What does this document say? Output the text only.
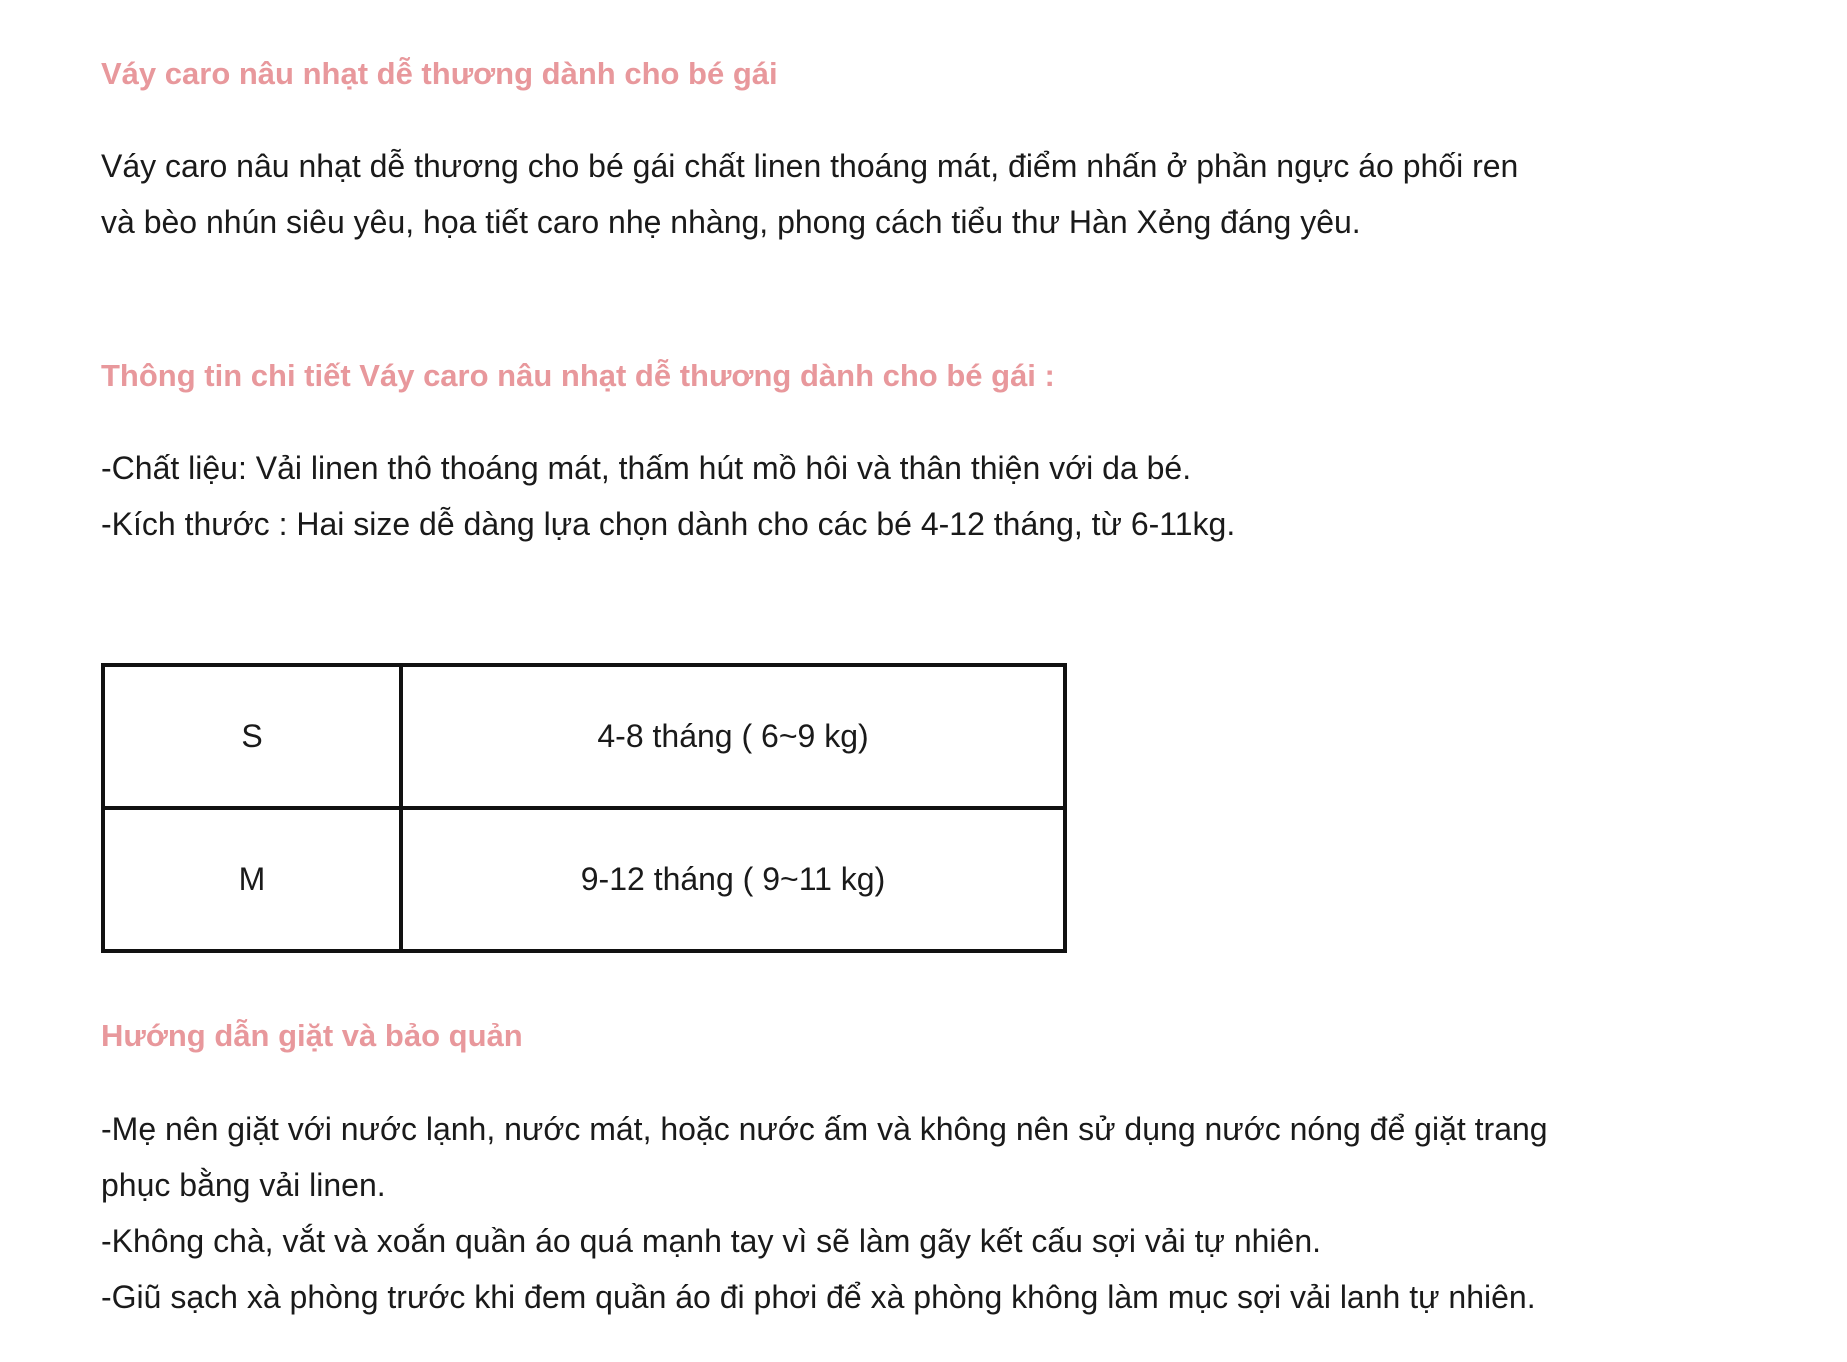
Váy caro nâu nhạt dễ thương dành cho bé gái

Váy caro nâu nhạt dễ thương cho bé gái chất linen thoáng mát, điểm nhấn ở phần ngực áo phối ren

và bèo nhún siêu yêu, họa tiết caro nhẹ nhàng, phong cách tiểu thư Hàn Xẻng đáng yêu.

Thông tin chi tiết Váy caro nâu nhạt dễ thương dành cho bé gái :

-Chất liệu: Vải linen thô thoáng mát, thấm hút mồ hôi và thân thiện với da bé.

-Kích thước : Hai size dễ dàng lựa chọn dành cho các bé 4-12 tháng, từ 6-11kg.

S	4-8 tháng ( 6~9 kg)
M	9-12 tháng ( 9~11 kg)
Hướng dẫn giặt và bảo quản

-Mẹ nên giặt với nước lạnh, nước mát, hoặc nước ấm và không nên sử dụng nước nóng để giặt trang

phục bằng vải linen.

-Không chà, vắt và xoắn quần áo quá mạnh tay vì sẽ làm gãy kết cấu sợi vải tự nhiên.

-Giũ sạch xà phòng trước khi đem quần áo đi phơi để xà phòng không làm mục sợi vải lanh tự nhiên.
